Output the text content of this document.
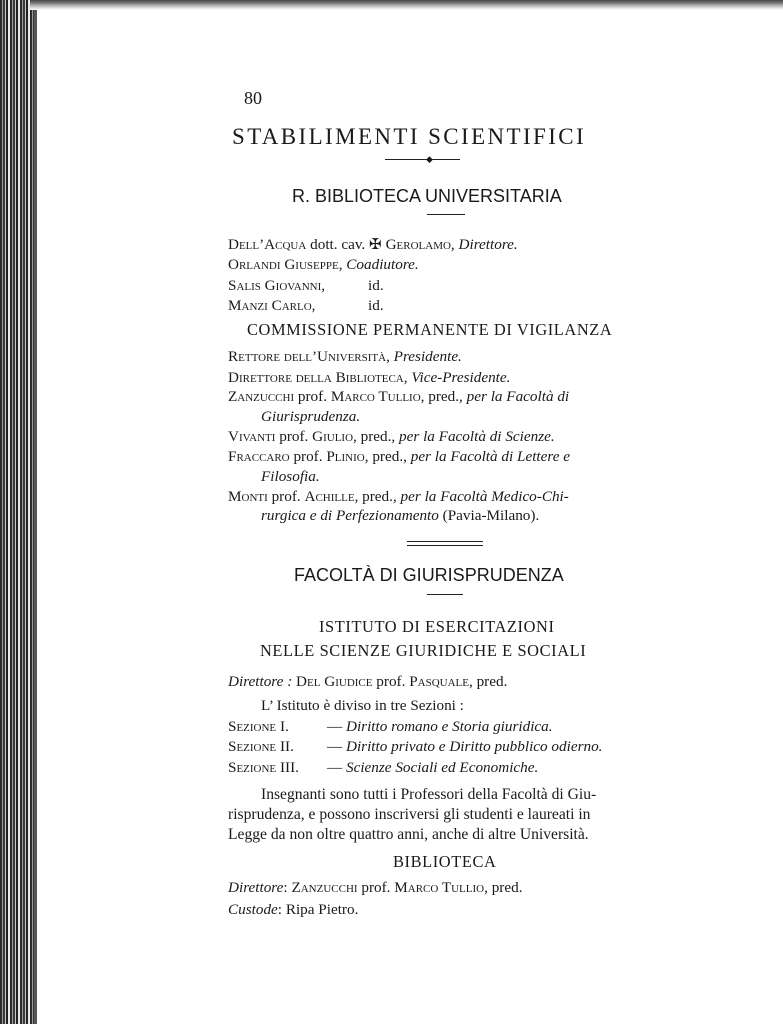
80
STABILIMENTI SCIENTIFICI
◆
R. BIBLIOTECA UNIVERSITARIA
Dell’Acqua dott. cav. ✠ Gerolamo, Direttore.
Orlandi Giuseppe, Coadiutore.
Salis Giovanni,	id.
Manzi Carlo,	id.
COMMISSIONE PERMANENTE DI VIGILANZA
Rettore dell’Università, Presidente.
Direttore della Biblioteca, Vice-Presidente.
Zanzucchi prof. Marco Tullio, pred., per la Facoltà di
Giurisprudenza.
Vivanti prof. Giulio, pred., per la Facoltà di Scienze.
Fraccaro prof. Plinio, pred., per la Facoltà di Lettere e
Filosofia.
Monti prof. Achille, pred., per la Facoltà Medico-Chi-
rurgica e di Perfezionamento (Pavia-Milano).
FACOLTÀ DI GIURISPRUDENZA
ISTITUTO DI ESERCITAZIONI
NELLE SCIENZE GIURIDICHE E SOCIALI
Direttore : Del Giudice prof. Pasquale, pred.
L’ Istituto è diviso in tre Sezioni :
Sezione I.	— Diritto romano e Storia giuridica.
Sezione II. — Diritto privato e Diritto pubblico odierno.
Sezione III. — Scienze Sociali ed Economiche.
Insegnanti sono tutti i Professori della Facoltà di Giu-
risprudenza, e possono inscriversi gli studenti e laureati in
Legge da non oltre quattro anni, anche di altre Università.
BIBLIOTECA
Direttore: Zanzucchi prof. Marco Tullio, pred.
Custode: Ripa Pietro.
